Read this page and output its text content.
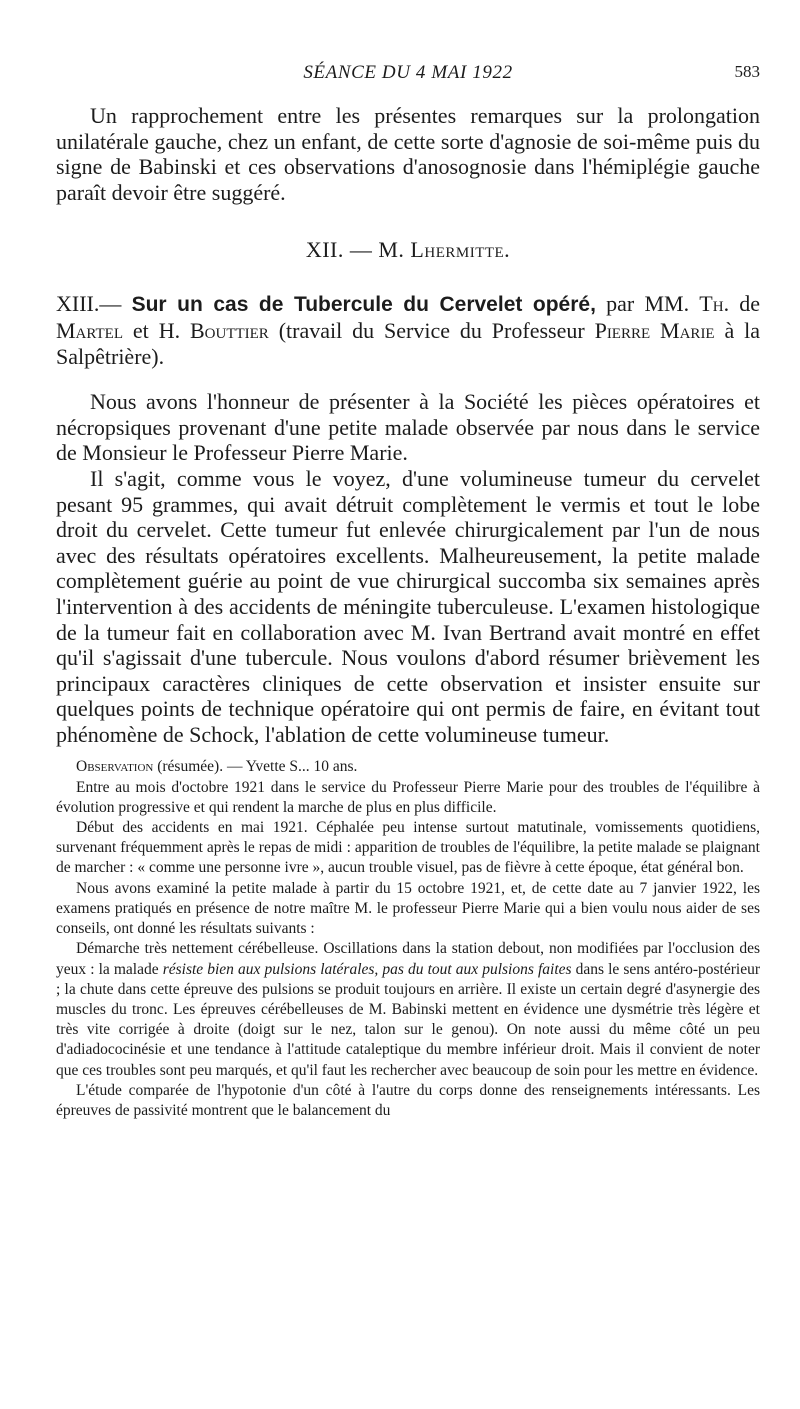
SÉANCE DU 4 MAI 1922	583

Un rapprochement entre les présentes remarques sur la prolongation unilatérale gauche, chez un enfant, de cette sorte d'agnosie de soi-même puis du signe de Babinski et ces observations d'anosognosie dans l'hémiplégie gauche paraît devoir être suggéré.

XII. — M. Lhermitte.

XIII.— Sur un cas de Tubercule du Cervelet opéré, par MM. Th. de Martel et H. Bouttier (travail du Service du Professeur Pierre Marie à la Salpêtrière).

Nous avons l'honneur de présenter à la Société les pièces opératoires et nécropsiques provenant d'une petite malade observée par nous dans le service de Monsieur le Professeur Pierre Marie.

Il s'agit, comme vous le voyez, d'une volumineuse tumeur du cervelet pesant 95 grammes, qui avait détruit complètement le vermis et tout le lobe droit du cervelet. Cette tumeur fut enlevée chirurgicalement par l'un de nous avec des résultats opératoires excellents. Malheureusement, la petite malade complètement guérie au point de vue chirurgical succomba six semaines après l'intervention à des accidents de méningite tuberculeuse. L'examen histologique de la tumeur fait en collaboration avec M. Ivan Bertrand avait montré en effet qu'il s'agissait d'une tubercule. Nous voulons d'abord résumer brièvement les principaux caractères cliniques de cette observation et insister ensuite sur quelques points de technique opératoire qui ont permis de faire, en évitant tout phénomène de Schock, l'ablation de cette volumineuse tumeur.

Observation (résumée). — Yvette S... 10 ans.

Entre au mois d'octobre 1921 dans le service du Professeur Pierre Marie pour des troubles de l'équilibre à évolution progressive et qui rendent la marche de plus en plus difficile.

Début des accidents en mai 1921. Céphalée peu intense surtout matutinale, vomissements quotidiens, survenant fréquemment après le repas de midi : apparition de troubles de l'équilibre, la petite malade se plaignant de marcher : « comme une personne ivre », aucun trouble visuel, pas de fièvre à cette époque, état général bon.

Nous avons examiné la petite malade à partir du 15 octobre 1921, et, de cette date au 7 janvier 1922, les examens pratiqués en présence de notre maître M. le professeur Pierre Marie qui a bien voulu nous aider de ses conseils, ont donné les résultats suivants :

Démarche très nettement cérébelleuse. Oscillations dans la station debout, non modifiées par l'occlusion des yeux : la malade résiste bien aux pulsions latérales, pas du tout aux pulsions faites dans le sens antéro-postérieur ; la chute dans cette épreuve des pulsions se produit toujours en arrière. Il existe un certain degré d'asynergie des muscles du tronc. Les épreuves cérébelleuses de M. Babinski mettent en évidence une dysmétrie très légère et très vite corrigée à droite (doigt sur le nez, talon sur le genou). On note aussi du même côté un peu d'adiadococinésie et une tendance à l'attitude cataleptique du membre inférieur droit. Mais il convient de noter que ces troubles sont peu marqués, et qu'il faut les rechercher avec beaucoup de soin pour les mettre en évidence.

L'étude comparée de l'hypotonie d'un côté à l'autre du corps donne des renseignements intéressants. Les épreuves de passivité montrent que le balancement du
